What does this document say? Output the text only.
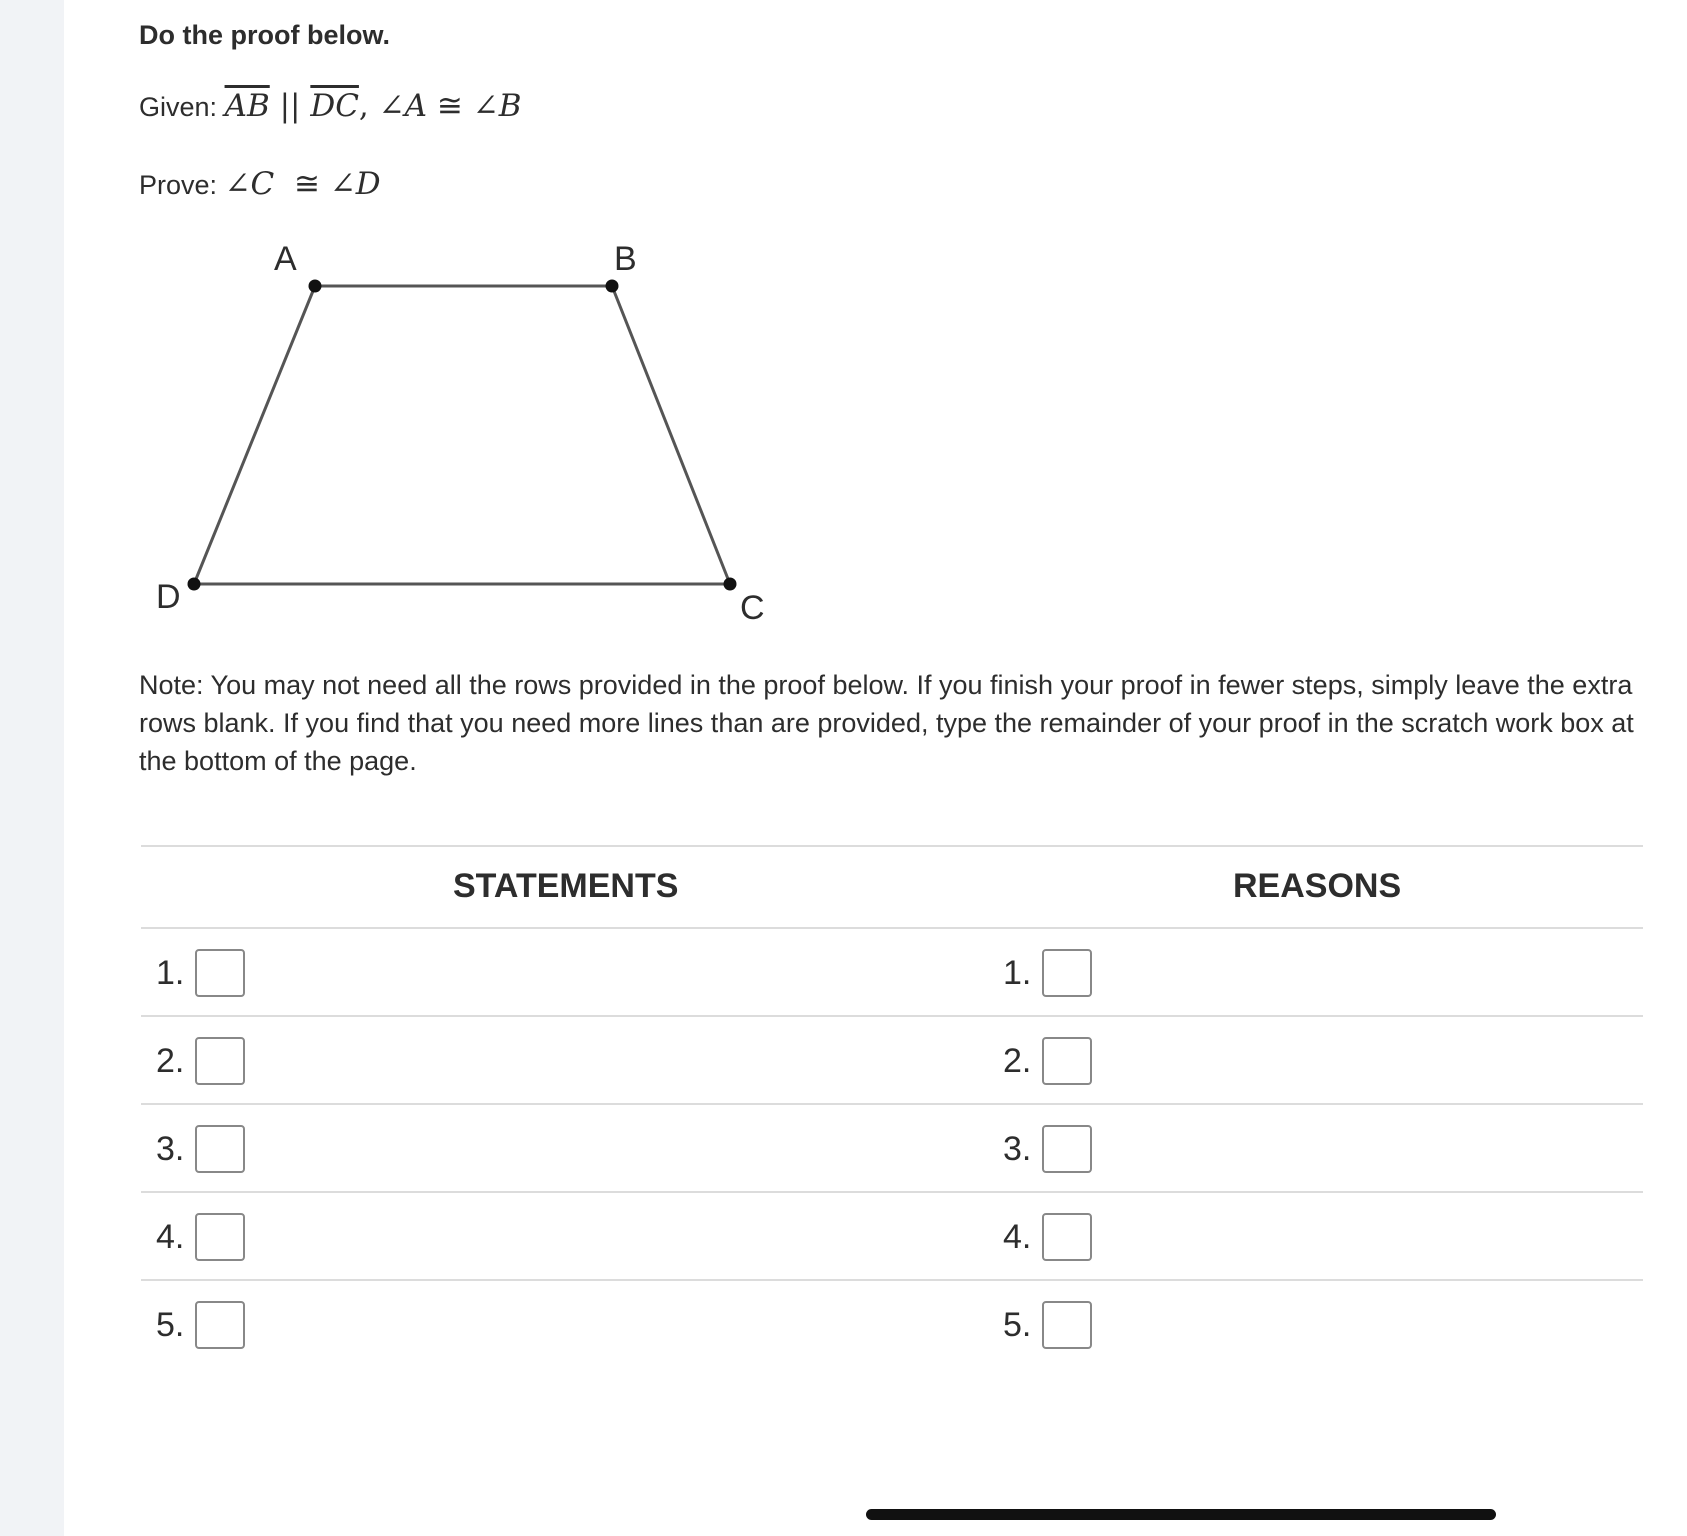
Do the proof below.
Given: $\overline{AB}$ || $\overline{DC}$, ∠A ≅ ∠B
Prove: ∠C ≅ ∠D
A	B
C
D
Note: You may not need all the rows provided in the proof below. If you finish your proof in fewer steps, simply leave the extra rows blank. If you find that you need more lines than are provided, type the remainder of your proof in the scratch work box at the bottom of the page.
STATEMENTS	REASONS
1.	1.
2.	2.
3.	3.
4.	4.
5.	5.
